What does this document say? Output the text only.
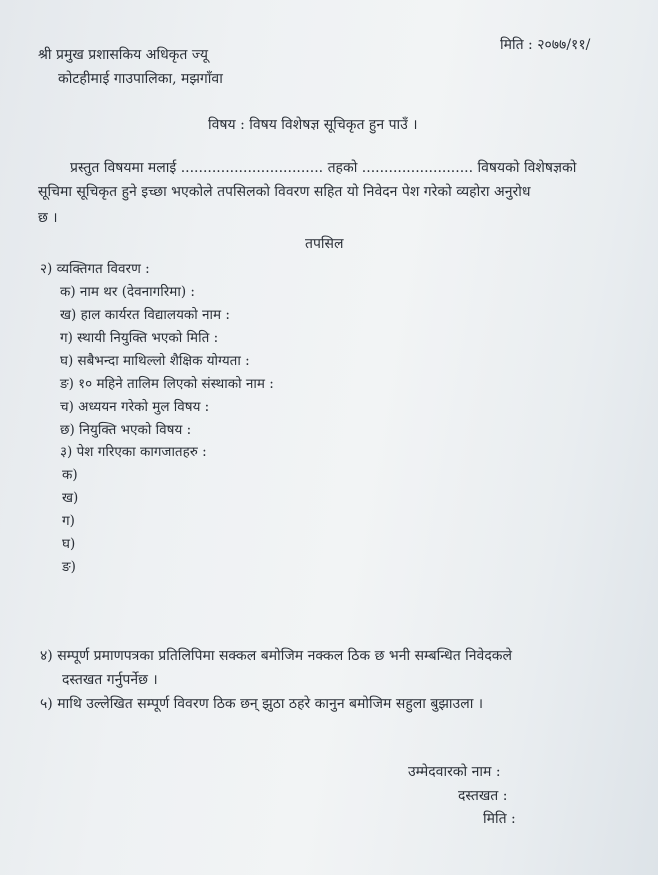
मिति : २०७७/११/
श्री प्रमुख प्रशासकिय अधिकृत ज्यू
कोटहीमाई गाउपालिका, मझगाँवा
विषय : विषय विशेषज्ञ सूचिकृत हुन पाउँ ।
प्रस्तुत विषयमा मलाई ................................ तहको ......................... विषयको विशेषज्ञको
सूचिमा सूचिकृत हुने इच्छा भएकोले तपसिलको विवरण सहित यो निवेदन पेश गरेको व्यहोरा अनुरोध
छ ।
तपसिल
२) व्यक्तिगत विवरण :
क) नाम थर (देवनागरिमा) :
ख) हाल कार्यरत विद्यालयको नाम :
ग) स्थायी नियुक्ति भएको मिति :
घ) सबैभन्दा माथिल्लो शैक्षिक योग्यता :
ङ) १० महिने तालिम लिएको संस्थाको नाम :
च) अध्ययन गरेको मुल विषय :
छ) नियुक्ति भएको विषय :
३) पेश गरिएका कागजातहरु :
क)
ख)
ग)
घ)
ङ)
४) सम्पूर्ण प्रमाणपत्रका प्रतिलिपिमा सक्कल बमोजिम नक्कल ठिक छ भनी सम्बन्धित निवेदकले
दस्तखत गर्नुपर्नेछ ।
५) माथि उल्लेखित सम्पूर्ण विवरण ठिक छन् झुठा ठहरे कानुन बमोजिम सहुला बुझाउला ।
उम्मेदवारको नाम :
दस्तखत :
मिति :
